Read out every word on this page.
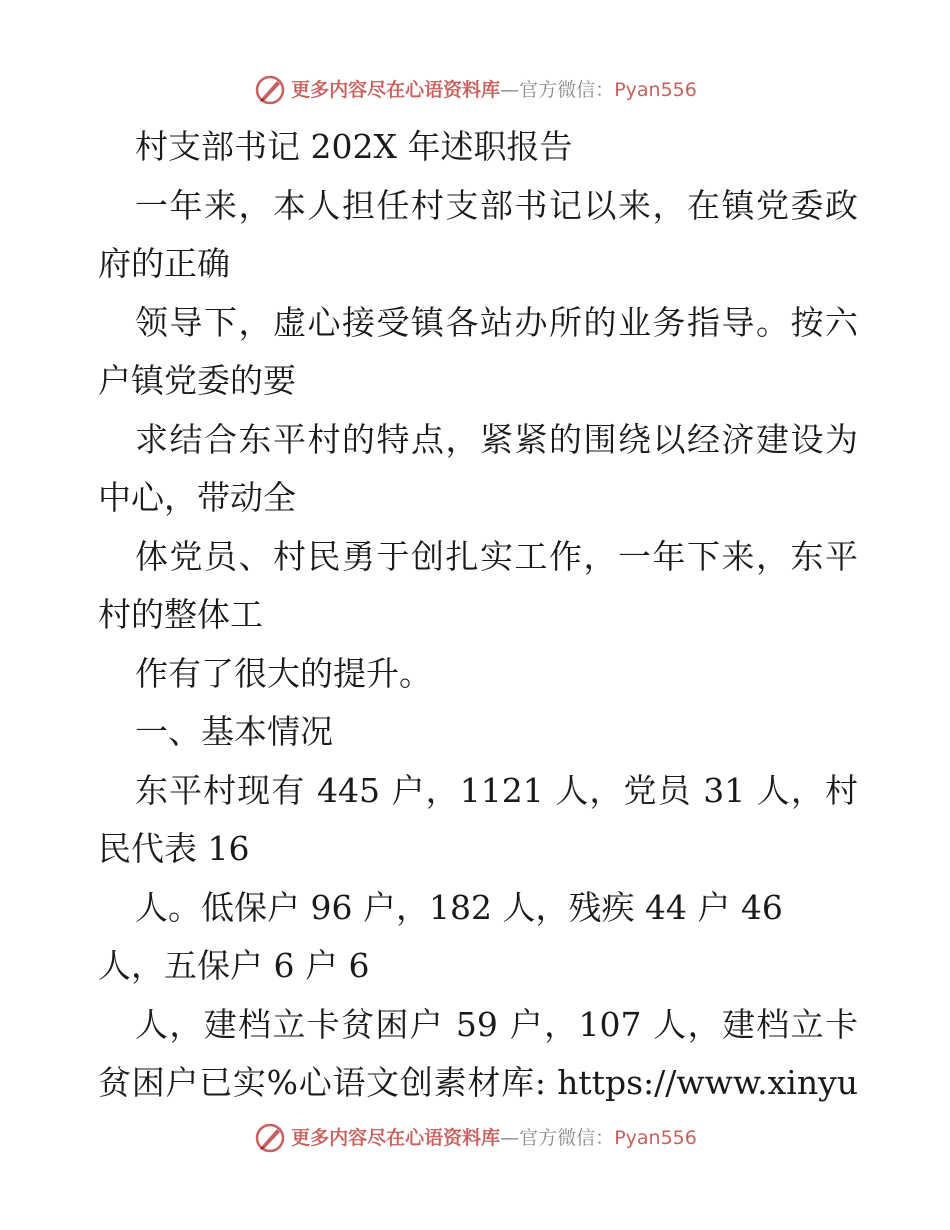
更多内容尽在心语资料库 — 官方微信： Pyan556
村支部书记 202X 年述职报告
一年来，本人担任村支部书记以来，在镇党委政
府的正确
领导下，虚心接受镇各站办所的业务指导。按六
户镇党委的要
求结合东平村的特点，紧紧的围绕以经济建设为
中心，带动全
体党员、村民勇于创扎实工作，一年下来，东平
村的整体工
作有了很大的提升。
一、基本情况
东平村现有 445 户，1121 人，党员 31 人，村
民代表 16
人。低保户 96 户，182 人，残疾 44 户 46
人，五保户 6 户 6
人，建档立卡贫困户 59 户，107 人，建档立卡
贫困户已实%心语文创素材库: https://www.xinyu
更多内容尽在心语资料库 — 官方微信： Pyan556
